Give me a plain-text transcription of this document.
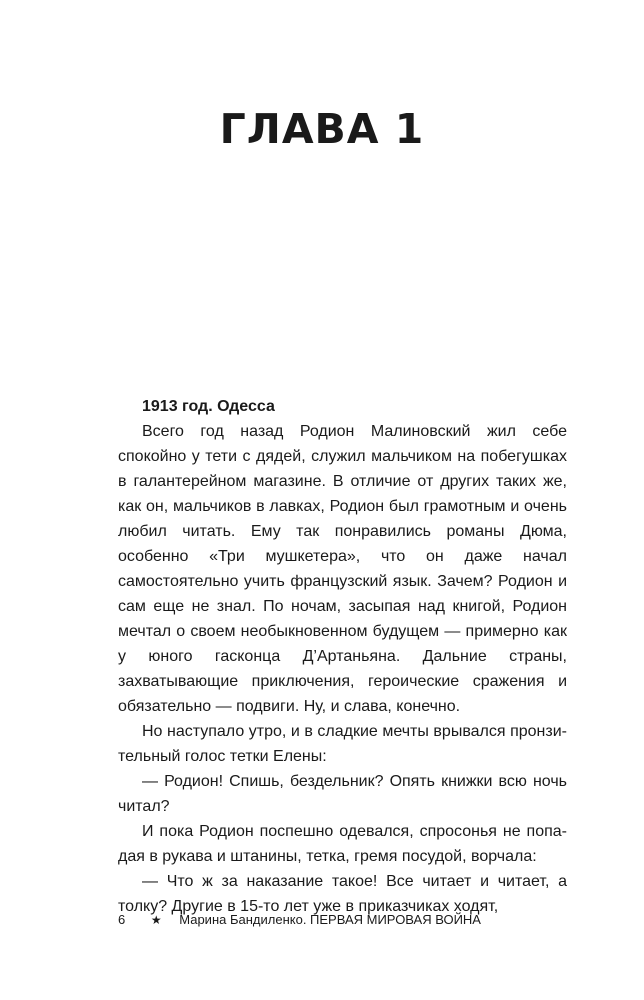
ГЛАВА 1

1913 год. Одесса

Всего год назад Родион Малиновский жил себе спокойно у тети с дядей, служил мальчиком на побегушках в галантерейном магазине. В отличие от других таких же, как он, мальчиков в лавках, Родион был грамотным и очень любил читать. Ему так понравились романы Дюма, особенно «Три мушкетера», что он даже начал самостоятельно учить французский язык. Зачем? Родион и сам еще не знал. По ночам, засыпая над книгой, Родион мечтал о своем необыкновенном будущем — примерно как у юного гасконца Д’Артаньяна. Дальние страны, захватывающие приключения, героические сражения и обязательно — подвиги. Ну, и слава, конечно.

Но наступало утро, и в сладкие мечты врывался пронзительный голос тетки Елены:

— Родион! Спишь, бездельник? Опять книжки всю ночь читал?

И пока Родион поспешно одевался, спросонья не попадая в рукава и штанины, тетка, гремя посудой, ворчала:

— Что ж за наказание такое! Все читает и читает, а толку? Другие в 15-то лет уже в приказчиках ходят,

6 ★ Марина Бандиленко. ПЕРВАЯ МИРОВАЯ ВОЙНА
